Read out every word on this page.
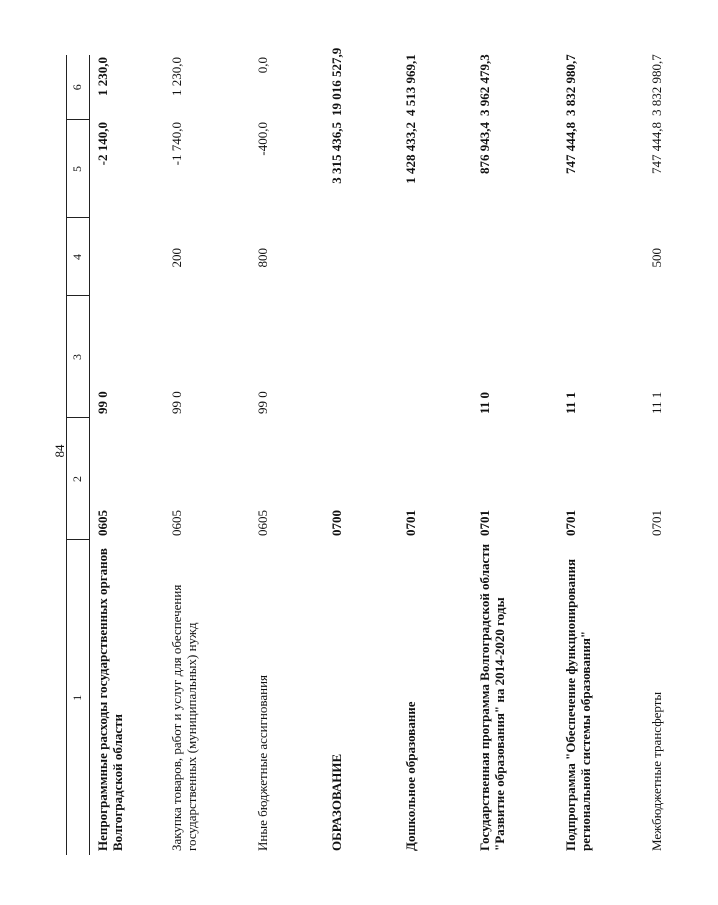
84
1	2	3	4	5	6
Непрограммные расходы государственных органов Волгоградской области	0605	99 0		-2 140,0	1 230,0
Закупка товаров, работ и услуг для обеспечения государственных (муниципальных) нужд	0605	99 0	200	-1 740,0	1 230,0
Иные бюджетные ассигнования	0605	99 0	800	-400,0	0,0
ОБРАЗОВАНИЕ	0700			3 315 436,5	19 016 527,9
Дошкольное образование	0701			1 428 433,2	4 513 969,1
Государственная программа Волгоградской области "Развитие образования" на 2014-2020 годы	0701	11 0		876 943,4	3 962 479,3
Подпрограмма "Обеспечение функционирования региональной системы образования"	0701	11 1		747 444,8	3 832 980,7
Межбюджетные трансферты	0701	11 1	500	747 444,8	3 832 980,7
